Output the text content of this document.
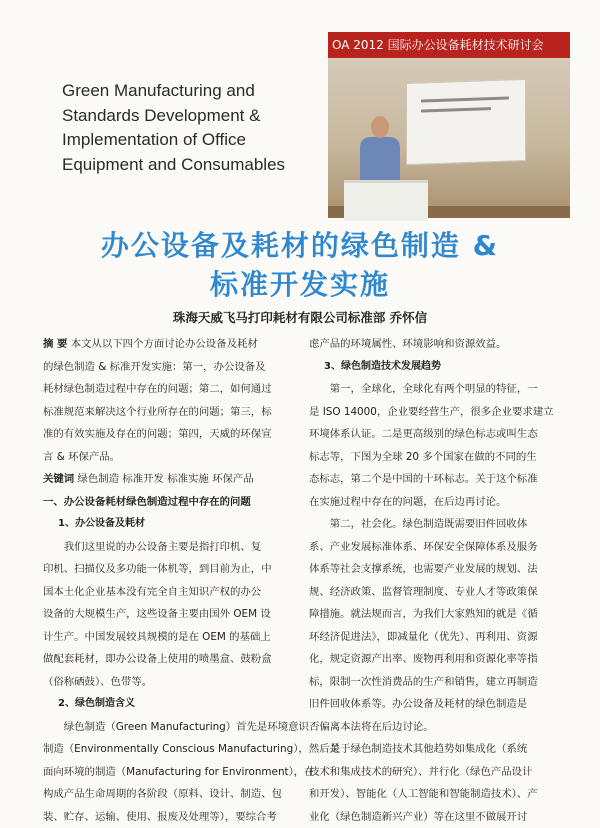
Green Manufacturing and
Standards Development &
Implementation of Office
Equipment and Consumables
OA 2012 国际办公设备耗材技术研讨会
办公设备及耗材的绿色制造 &
标准开发实施
珠海天威飞马打印耗材有限公司标准部 乔怀信
摘 要 本文从以下四个方面讨论办公设备及耗材
的绿色制造 & 标准开发实施：第一，办公设备及
耗材绿色制造过程中存在的问题；第二，如何通过
标准规范来解决这个行业所存在的问题；第三，标
准的有效实施及存在的问题；第四，天威的环保宣
言 & 环保产品。
关键词 绿色制造 标准开发 标准实施 环保产品
一、办公设备耗材绿色制造过程中存在的问题
1、办公设备及耗材
我们这里说的办公设备主要是指打印机、复
印机、扫描仪及多功能一体机等，到目前为止，中
国本土化企业基本没有完全自主知识产权的办公
设备的大规模生产，这些设备主要由国外 OEM 设
计生产。中国发展较具规模的是在 OEM 的基础上
做配套耗材，即办公设备上使用的喷墨盒、鼓粉盒
（俗称硒鼓）、色带等。
2、绿色制造含义
绿色制造（Green Manufacturing）首先是环境意识
制造（Environmentally Conscious Manufacturing），然后是
面向环境的制造（Manufacturing for Environment），在
构成产品生命周期的各阶段（原料、设计、制造、包
装、贮存、运输、使用、报废及处理等），要综合考
虑产品的环境属性、环境影响和资源效益。
3、绿色制造技术发展趋势
第一，全球化，全球化有两个明显的特征，一
是 ISO 14000，企业要经营生产，很多企业要求建立
环境体系认证。二是更高级别的绿色标志或叫生态
标志等，下图为全球 20 多个国家在做的不同的生
态标志，第二个是中国的十环标志。关于这个标准
在实施过程中存在的问题，在后边再讨论。
第二，社会化。绿色制造既需要旧件回收体
系、产业发展标准体系、环保安全保障体系及服务
体系等社会支撑系统，也需要产业发展的规划、法
规、经济政策、监督管理制度、专业人才等政策保
障措施。就法规而言，为我们大家熟知的就是《循
环经济促进法》，即减量化（优先）、再利用、资源
化，规定资源产出率、废物再利用和资源化率等指
标，限制一次性消费品的生产和销售，建立再制造
旧件回收体系等。办公设备及耗材的绿色制造是
否偏离本法将在后边讨论。
关于绿色制造技术其他趋势如集成化（系统
技术和集成技术的研究）、并行化（绿色产品设计
和开发）、智能化（人工智能和智能制造技术）、产
业化（绿色制造新兴产业）等在这里不做展开讨
